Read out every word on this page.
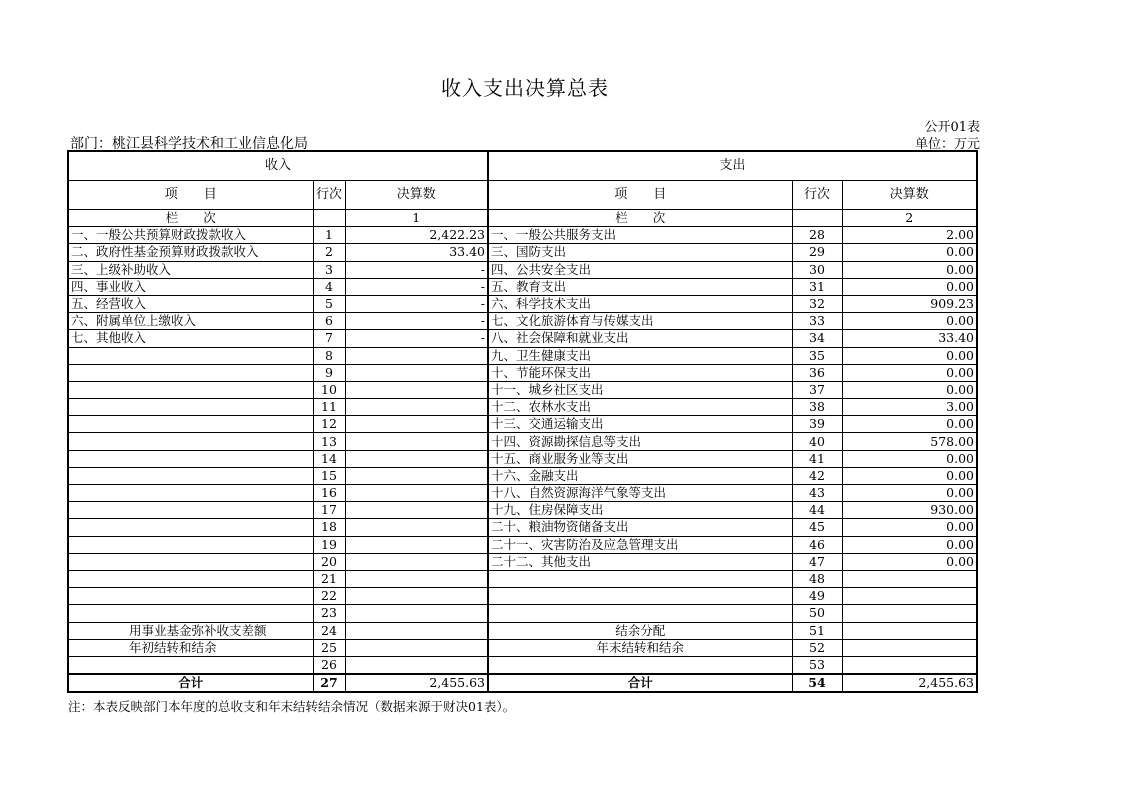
收入支出决算总表
公开01表
部门：桃江县科学技术和工业信息化局	单位：万元
收入			支出		
项　　目	行次	决算数	项　　目	行次	决算数
栏　　次		1	栏　　次		2
一、一般公共预算财政拨款收入	1	2,422.23	一、一般公共服务支出	28	2.00
二、政府性基金预算财政拨款收入	2	33.40	三、国防支出	29	0.00
三、上级补助收入	3	-	四、公共安全支出	30	0.00
四、事业收入	4	-	五、教育支出	31	0.00
五、经营收入	5	-	六、科学技术支出	32	909.23
六、附属单位上缴收入	6	-	七、文化旅游体育与传媒支出	33	0.00
七、其他收入	7	-	八、社会保障和就业支出	34	33.40
	8		九、卫生健康支出	35	0.00
	9		十、节能环保支出	36	0.00
	10		十一、城乡社区支出	37	0.00
	11		十二、农林水支出	38	3.00
	12		十三、交通运输支出	39	0.00
	13		十四、资源勘探信息等支出	40	578.00
	14		十五、商业服务业等支出	41	0.00
	15		十六、金融支出	42	0.00
	16		十八、自然资源海洋气象等支出	43	0.00
	17		十九、住房保障支出	44	930.00
	18		二十、粮油物资储备支出	45	0.00
	19		二十一、灾害防治及应急管理支出	46	0.00
	20		二十二、其他支出	47	0.00
	21			48	
	22			49	
	23			50	
用事业基金弥补收支差额	24		结余分配	51	
年初结转和结余	25		年末结转和结余	52	
	26			53	
合计	27	2,455.63	合计	54	2,455.63
注：本表反映部门本年度的总收支和年末结转结余情况（数据来源于财决01表）。
